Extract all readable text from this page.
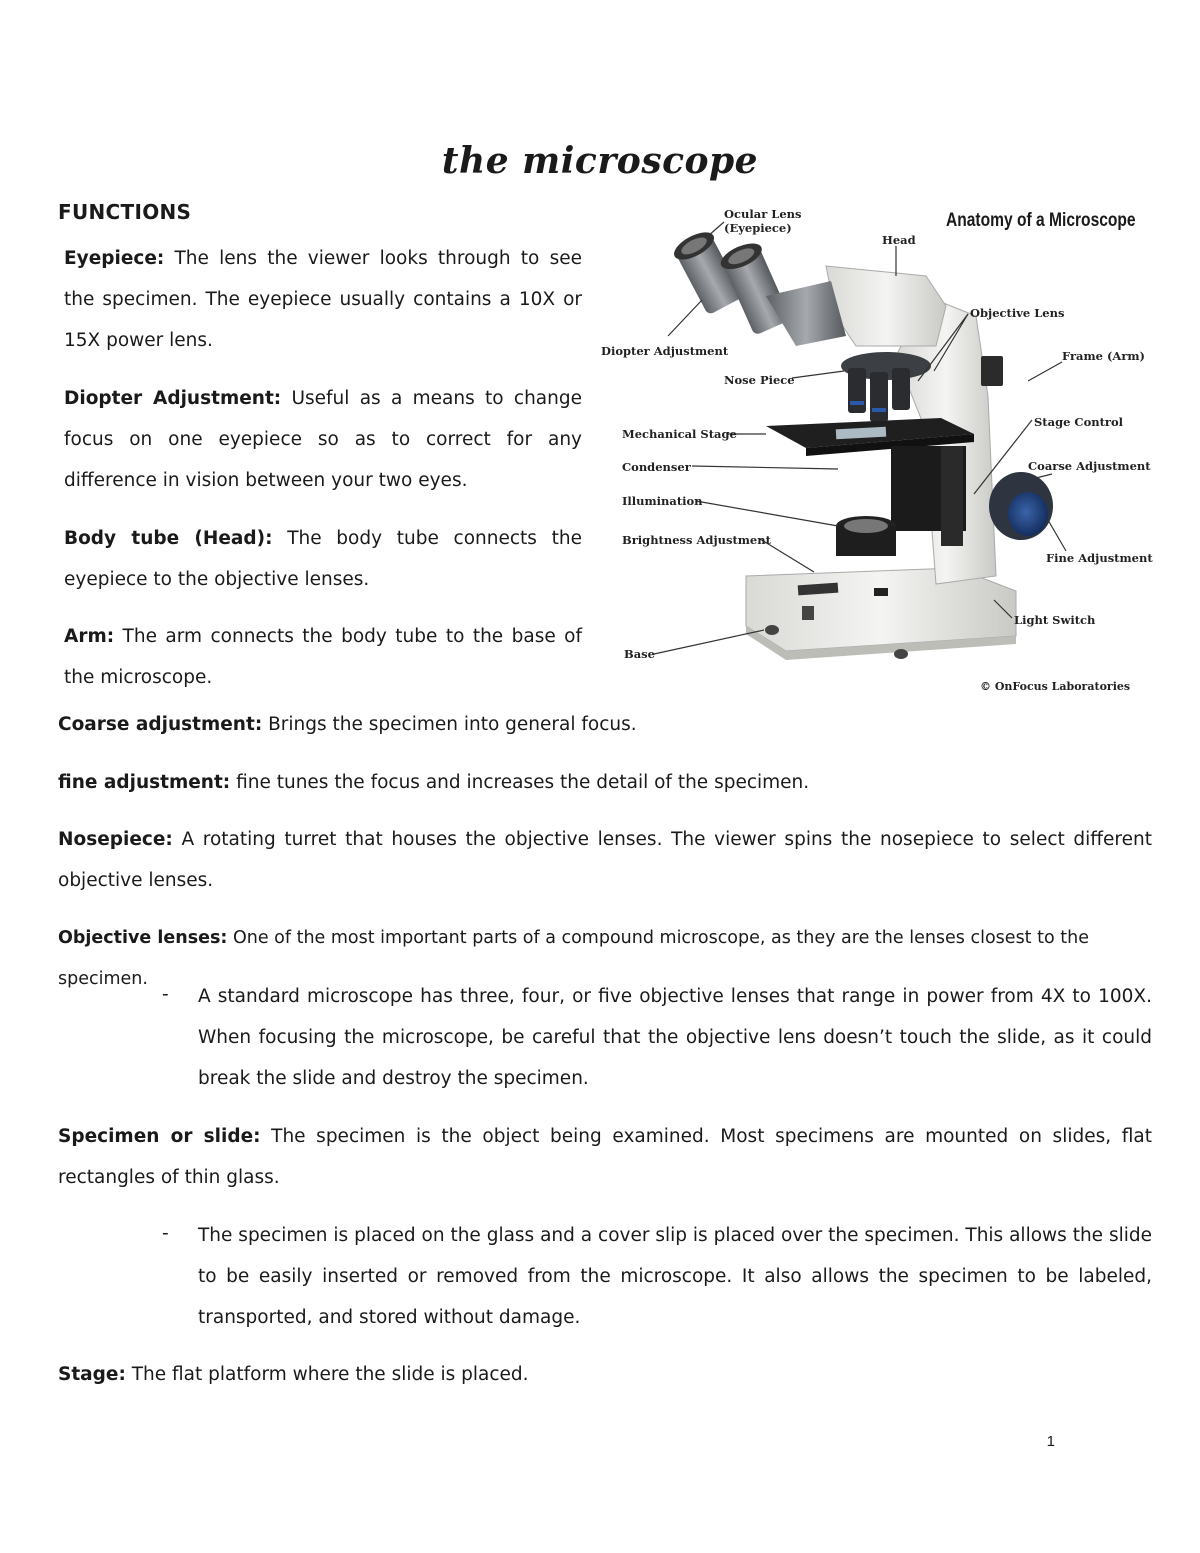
the microscope
FUNCTIONS
Eyepiece: The lens the viewer looks through to see the specimen. The eyepiece usually contains a 10X or 15X power lens.
Diopter Adjustment: Useful as a means to change focus on one eyepiece so as to correct for any difference in vision between your two eyes.
Body tube (Head): The body tube connects the eyepiece to the objective lenses.
Arm: The arm connects the body tube to the base of the microscope.
Coarse adjustment: Brings the specimen into general focus.
fine adjustment: fine tunes the focus and increases the detail of the specimen.
Nosepiece: A rotating turret that houses the objective lenses. The viewer spins the nosepiece to select different objective lenses.
Objective lenses: One of the most important parts of a compound microscope, as they are the lenses closest to the specimen.
- A standard microscope has three, four, or five objective lenses that range in power from 4X to 100X. When focusing the microscope, be careful that the objective lens doesn’t touch the slide, as it could break the slide and destroy the specimen.
Specimen or slide: The specimen is the object being examined. Most specimens are mounted on slides, flat rectangles of thin glass.
- The specimen is placed on the glass and a cover slip is placed over the specimen. This allows the slide to be easily inserted or removed from the microscope. It also allows the specimen to be labeled, transported, and stored without damage.
Stage: The flat platform where the slide is placed.
1
Anatomy of a Microscope
Ocular Lens
(Eyepiece)
Head
Objective Lens
Diopter Adjustment	Frame (Arm)
Nose Piece
Stage Control
Mechanical Stage
Coarse Adjustment
Condenser
Illumination
Brightness Adjustment
Fine Adjustment
Light Switch
Base
© OnFocus Laboratories
